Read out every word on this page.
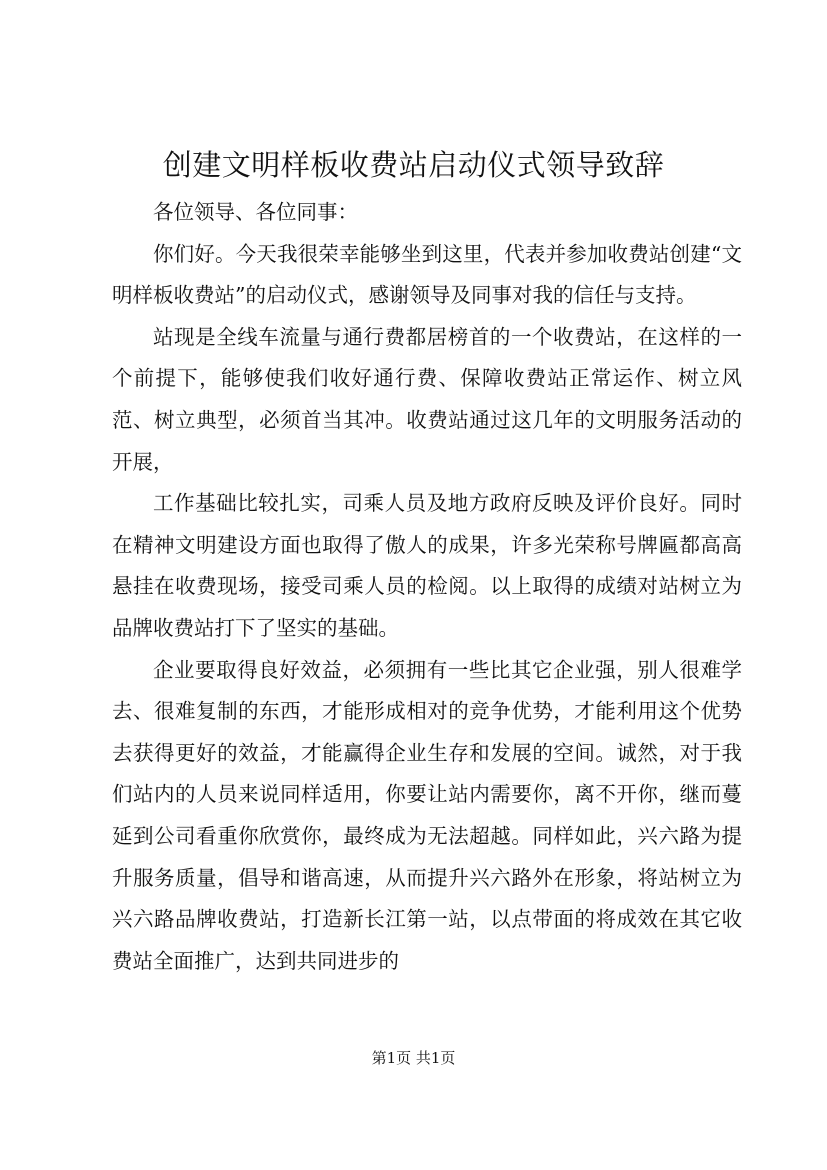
创建文明样板收费站启动仪式领导致辞

各位领导、各位同事：

你们好。今天我很荣幸能够坐到这里，代表并参加收费站创建“文明样板收费站”的启动仪式，感谢领导及同事对我的信任与支持。

站现是全线车流量与通行费都居榜首的一个收费站，在这样的一个前提下，能够使我们收好通行费、保障收费站正常运作、树立风范、树立典型，必须首当其冲。收费站通过这几年的文明服务活动的开展，

工作基础比较扎实，司乘人员及地方政府反映及评价良好。同时在精神文明建设方面也取得了傲人的成果，许多光荣称号牌匾都高高悬挂在收费现场，接受司乘人员的检阅。以上取得的成绩对站树立为品牌收费站打下了坚实的基础。

企业要取得良好效益，必须拥有一些比其它企业强，别人很难学去、很难复制的东西，才能形成相对的竞争优势，才能利用这个优势去获得更好的效益，才能赢得企业生存和发展的空间。诚然，对于我们站内的人员来说同样适用，你要让站内需要你，离不开你，继而蔓延到公司看重你欣赏你，最终成为无法超越。同样如此，兴六路为提升服务质量，倡导和谐高速，从而提升兴六路外在形象，将站树立为兴六路品牌收费站，打造新长江第一站，以点带面的将成效在其它收费站全面推广，达到共同进步的

第1页 共1页
